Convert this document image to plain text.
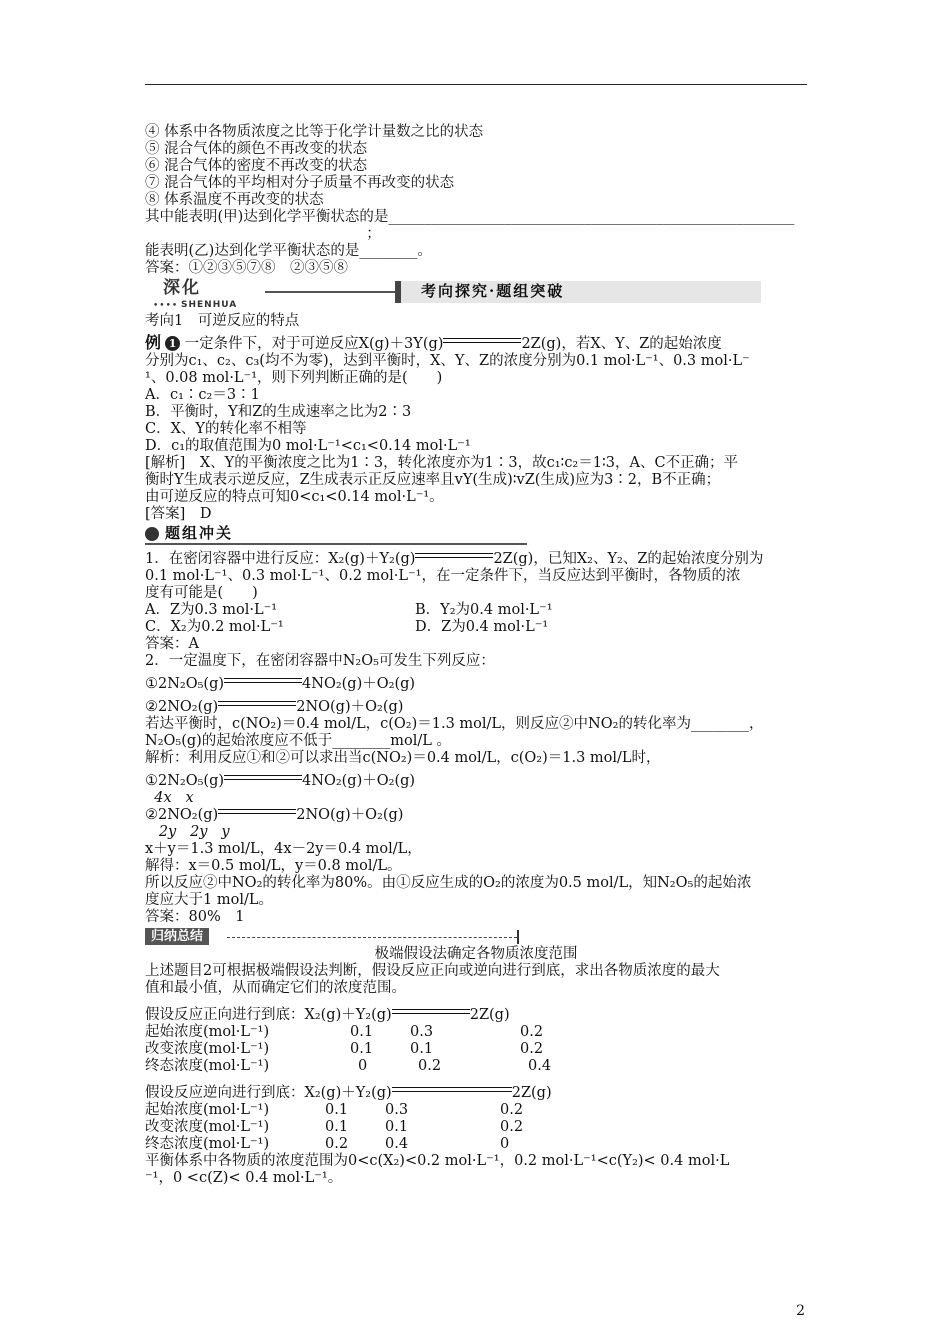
④ 体系中各物质浓度之比等于化学计量数之比的状态
⑤ 混合气体的颜色不再改变的状态
⑥ 混合气体的密度不再改变的状态
⑦ 混合气体的平均相对分子质量不再改变的状态
⑧ 体系温度不再改变的状态
其中能表明(甲)达到化学平衡状态的是________________________________________________________
；
能表明(乙)达到化学平衡状态的是________。
答案：①②③⑤⑦⑧　②③⑤⑧
深化
•••• SHENHUA
考向探究·题组突破
考向1　可逆反应的特点
例 1 一定条件下，对于可逆反应X(g)＋3Y(g)	2Z(g)，若X、Y、Z的起始浓度
分别为c₁、c₂、c₃(均不为零)，达到平衡时，X、Y、Z的浓度分别为0.1 mol·L⁻¹、0.3 mol·L⁻
¹、0.08 mol·L⁻¹，则下列判断正确的是(　　)
A．c₁∶c₂＝3∶1
B．平衡时，Y和Z的生成速率之比为2∶3
C．X、Y的转化率不相等
D．c₁的取值范围为0 mol·L⁻¹<c₁<0.14 mol·L⁻¹
[解析]　X、Y的平衡浓度之比为1∶3，转化浓度亦为1∶3，故c₁∶c₂＝1∶3，A、C不正确；平
衡时Y生成表示逆反应，Z生成表示正反应速率且vY(生成)∶vZ(生成)应为3∶2，B不正确；
由可逆反应的特点可知0<c₁<0.14 mol·L⁻¹。
[答案]　D
题组冲关
1．在密闭容器中进行反应：X₂(g)＋Y₂(g)	2Z(g)，已知X₂、Y₂、Z的起始浓度分别为
0.1 mol·L⁻¹、0.3 mol·L⁻¹、0.2 mol·L⁻¹，在一定条件下，当反应达到平衡时，各物质的浓
度有可能是(　　)
A．Z为0.3 mol·L⁻¹	B．Y₂为0.4 mol·L⁻¹
C．X₂为0.2 mol·L⁻¹	D．Z为0.4 mol·L⁻¹
答案：A
2．一定温度下，在密闭容器中N₂O₅可发生下列反应：
①2N₂O₅(g)	4NO₂(g)＋O₂(g)
②2NO₂(g)	2NO(g)＋O₂(g)
若达平衡时，c(NO₂)＝0.4 mol/L，c(O₂)＝1.3 mol/L，则反应②中NO₂的转化率为________，
N₂O₅(g)的起始浓度应不低于________mol/L 。
解析：利用反应①和②可以求出当c(NO₂)＝0.4 mol/L，c(O₂)＝1.3 mol/L时，
①2N₂O₅(g)	4NO₂(g)＋O₂(g)
4x   x
②2NO₂(g)	2NO(g)＋O₂(g)
2y   2y   y
x＋y＝1.3 mol/L，4x－2y＝0.4 mol/L，
解得：x＝0.5 mol/L，y＝0.8 mol/L。
所以反应②中NO₂的转化率为80%。由①反应生成的O₂的浓度为0.5 mol/L，知N₂O₅的起始浓
度应大于1 mol/L。
答案：80%　1
归纳总结
极端假设法确定各物质浓度范围
上述题目2可根据极端假设法判断，假设反应正向或逆向进行到底，求出各物质浓度的最大
值和最小值，从而确定它们的浓度范围。
假设反应正向进行到底：X₂(g)＋Y₂(g)	2Z(g)
起始浓度(mol·L⁻¹)	0.1	0.3	0.2
改变浓度(mol·L⁻¹)	0.1	0.1	0.2
终态浓度(mol·L⁻¹)	0	0.2	0.4
假设反应逆向进行到底：X₂(g)＋Y₂(g)	2Z(g)
起始浓度(mol·L⁻¹)	0.1	0.3	0.2
改变浓度(mol·L⁻¹)	0.1	0.1	0.2
终态浓度(mol·L⁻¹)	0.2	0.4	0
平衡体系中各物质的浓度范围为0<c(X₂)<0.2 mol·L⁻¹，0.2 mol·L⁻¹<c(Y₂)< 0.4 mol·L
⁻¹，0 <c(Z)< 0.4 mol·L⁻¹。
2
